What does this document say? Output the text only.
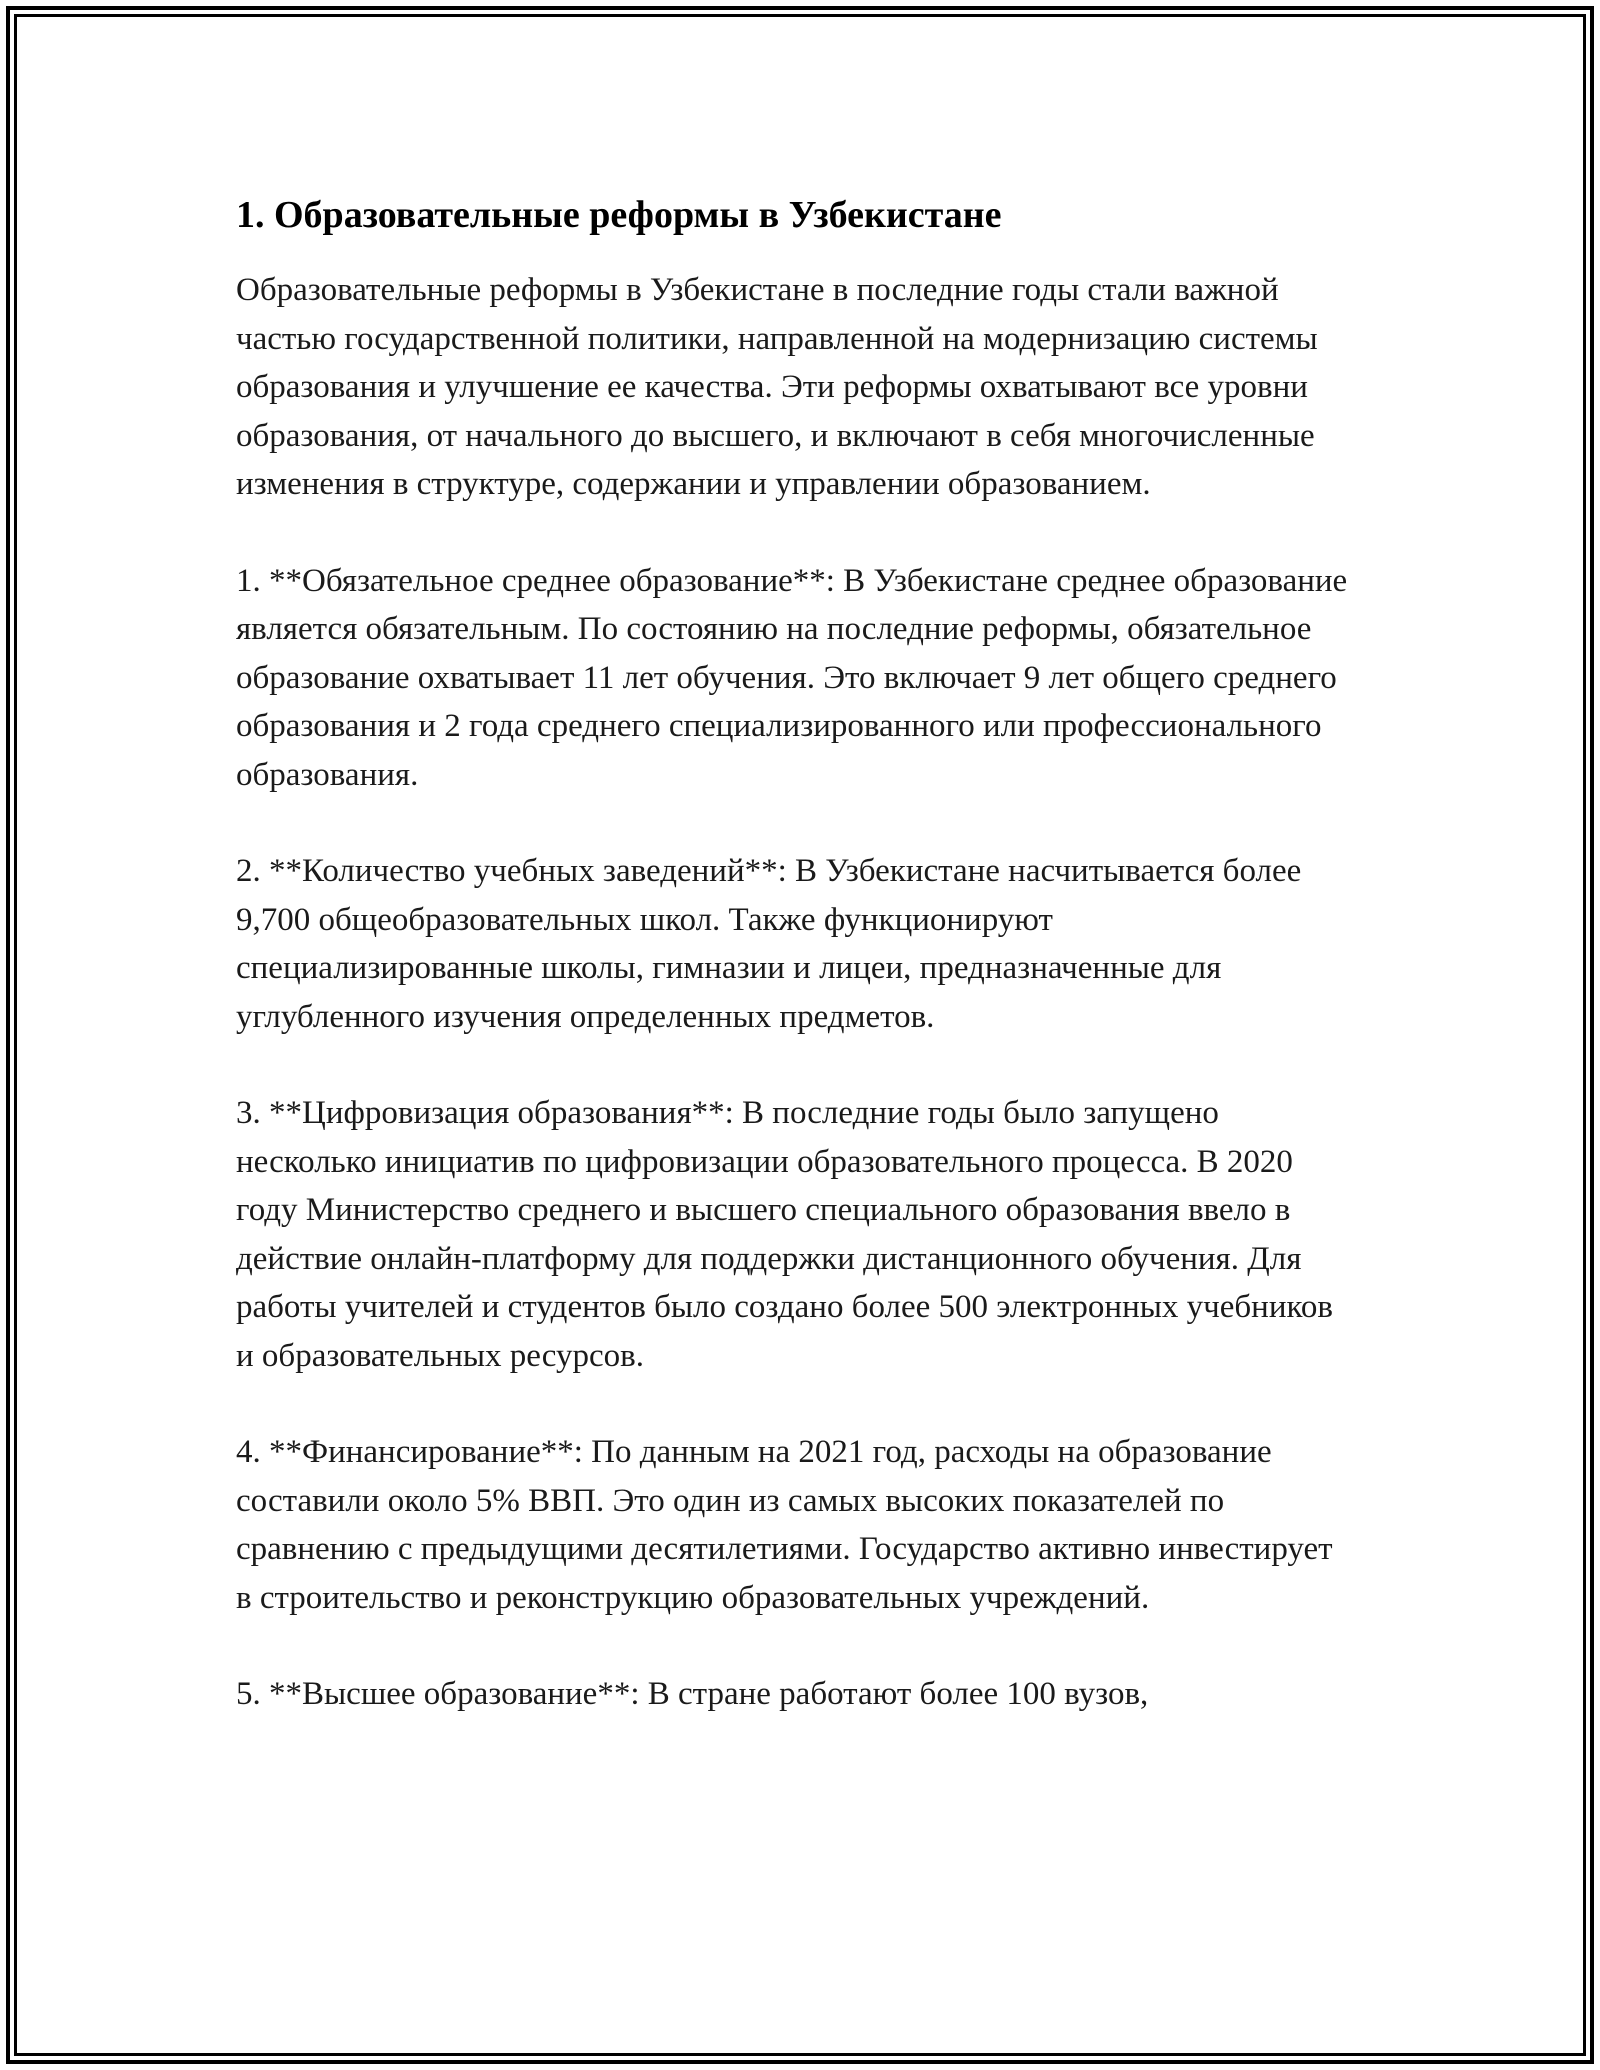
1. Образовательные реформы в Узбекистане

Образовательные реформы в Узбекистане в последние годы стали важной частью государственной политики, направленной на модернизацию системы образования и улучшение ее качества. Эти реформы охватывают все уровни образования, от начального до высшего, и включают в себя многочисленные изменения в структуре, содержании и управлении образованием.

1. **Обязательное среднее образование**: В Узбекистане среднее образование является обязательным. По состоянию на последние реформы, обязательное образование охватывает 11 лет обучения. Это включает 9 лет общего среднего образования и 2 года среднего специализированного или профессионального образования.

2. **Количество учебных заведений**: В Узбекистане насчитывается более 9,700 общеобразовательных школ. Также функционируют специализированные школы, гимназии и лицеи, предназначенные для углубленного изучения определенных предметов.

3. **Цифровизация образования**: В последние годы было запущено несколько инициатив по цифровизации образовательного процесса. В 2020 году Министерство среднего и высшего специального образования ввело в действие онлайн-платформу для поддержки дистанционного обучения. Для работы учителей и студентов было создано более 500 электронных учебников и образовательных ресурсов.

4. **Финансирование**: По данным на 2021 год, расходы на образование составили около 5% ВВП. Это один из самых высоких показателей по сравнению с предыдущими десятилетиями. Государство активно инвестирует в строительство и реконструкцию образовательных учреждений.

5. **Высшее образование**: В стране работают более 100 вузов,
